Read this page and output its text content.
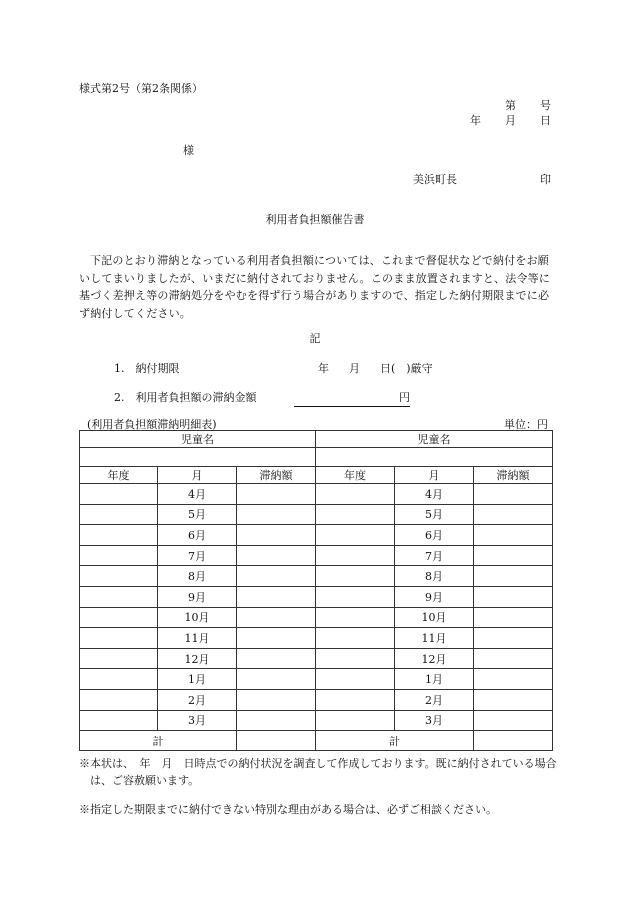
様式第2号（第2条関係）
第 号
年 月 日
様
美浜町長	印
利用者負担額催告書
下記のとおり滞納となっている利用者負担額については、これまで督促状などで納付をお願いしてまいりましたが、いまだに納付されておりません。このまま放置されますと、法令等に基づく差押え等の滞納処分をやむを得ず行う場合がありますので、指定した納付期限までに必ず納付してください。
記
1.　納付期限	年 月 日(　)厳守
2.　利用者負担額の滞納金額	円
(利用者負担額滞納明細表)	単位：円
児童名			児童名		

年度	月	滞納額	年度	月	滞納額
	4月			4月	
	5月			5月	
	6月			6月	
	7月			7月	
	8月			8月	
	9月			9月	
	10月			10月	
	11月			11月	
	12月			12月	
	1月			1月	
	2月			2月	
	3月			3月	
計			計		
※本状は、　年　月　日時点での納付状況を調査して作成しております。既に納付されている場合は、ご容赦願います。
※指定した期限までに納付できない特別な理由がある場合は、必ずご相談ください。
